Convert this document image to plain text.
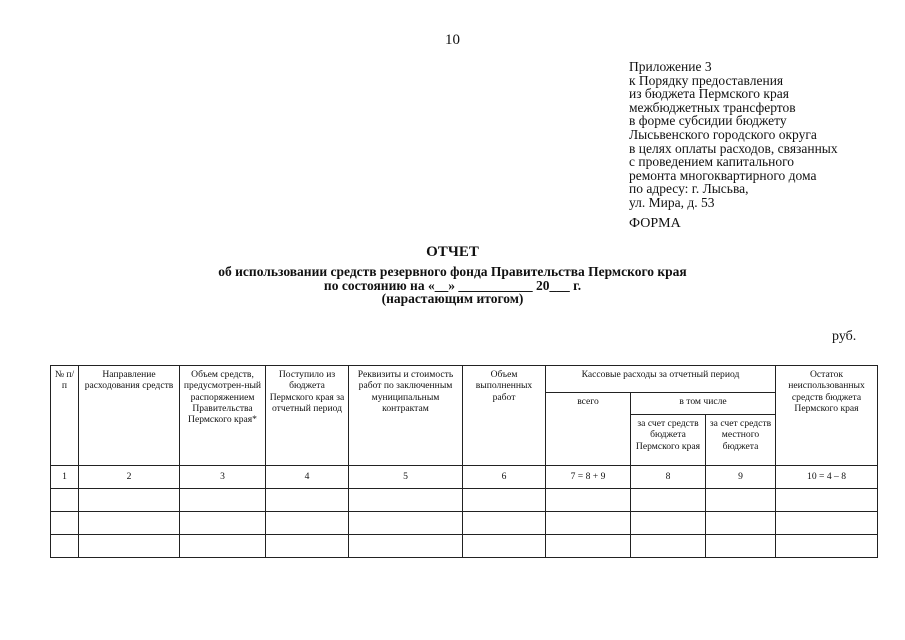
10
Приложение 3
к Порядку предоставления
из бюджета Пермского края
межбюджетных трансфертов
в форме субсидии бюджету
Лысьвенского городского округа
в целях оплаты расходов, связанных
с проведением капитального
ремонта многоквартирного дома
по адресу: г. Лысьва,
ул. Мира, д. 53
ФОРМА
ОТЧЕТ
об использовании средств резервного фонда Правительства Пермского края
по состоянию на «__» ___________ 20___ г.
(нарастающим итогом)
руб.
№ п/п	Направление расходования средств	Объем средств, предусмотрен-ный распоряжением Правительства Пермского края*	Поступило из бюджета Пермского края за отчетный период	Реквизиты и стоимость работ по заключенным муниципальным контрактам	Объем выполненных работ	Кассовые расходы за отчетный период			Остаток неиспользованных средств бюджета Пермского края
						всего	в том числе		
							за счет средств бюджета Пермского края	за счет средств местного бюджета	
1	2	3	4	5	6	7 = 8 + 9	8	9	10 = 4 – 8
